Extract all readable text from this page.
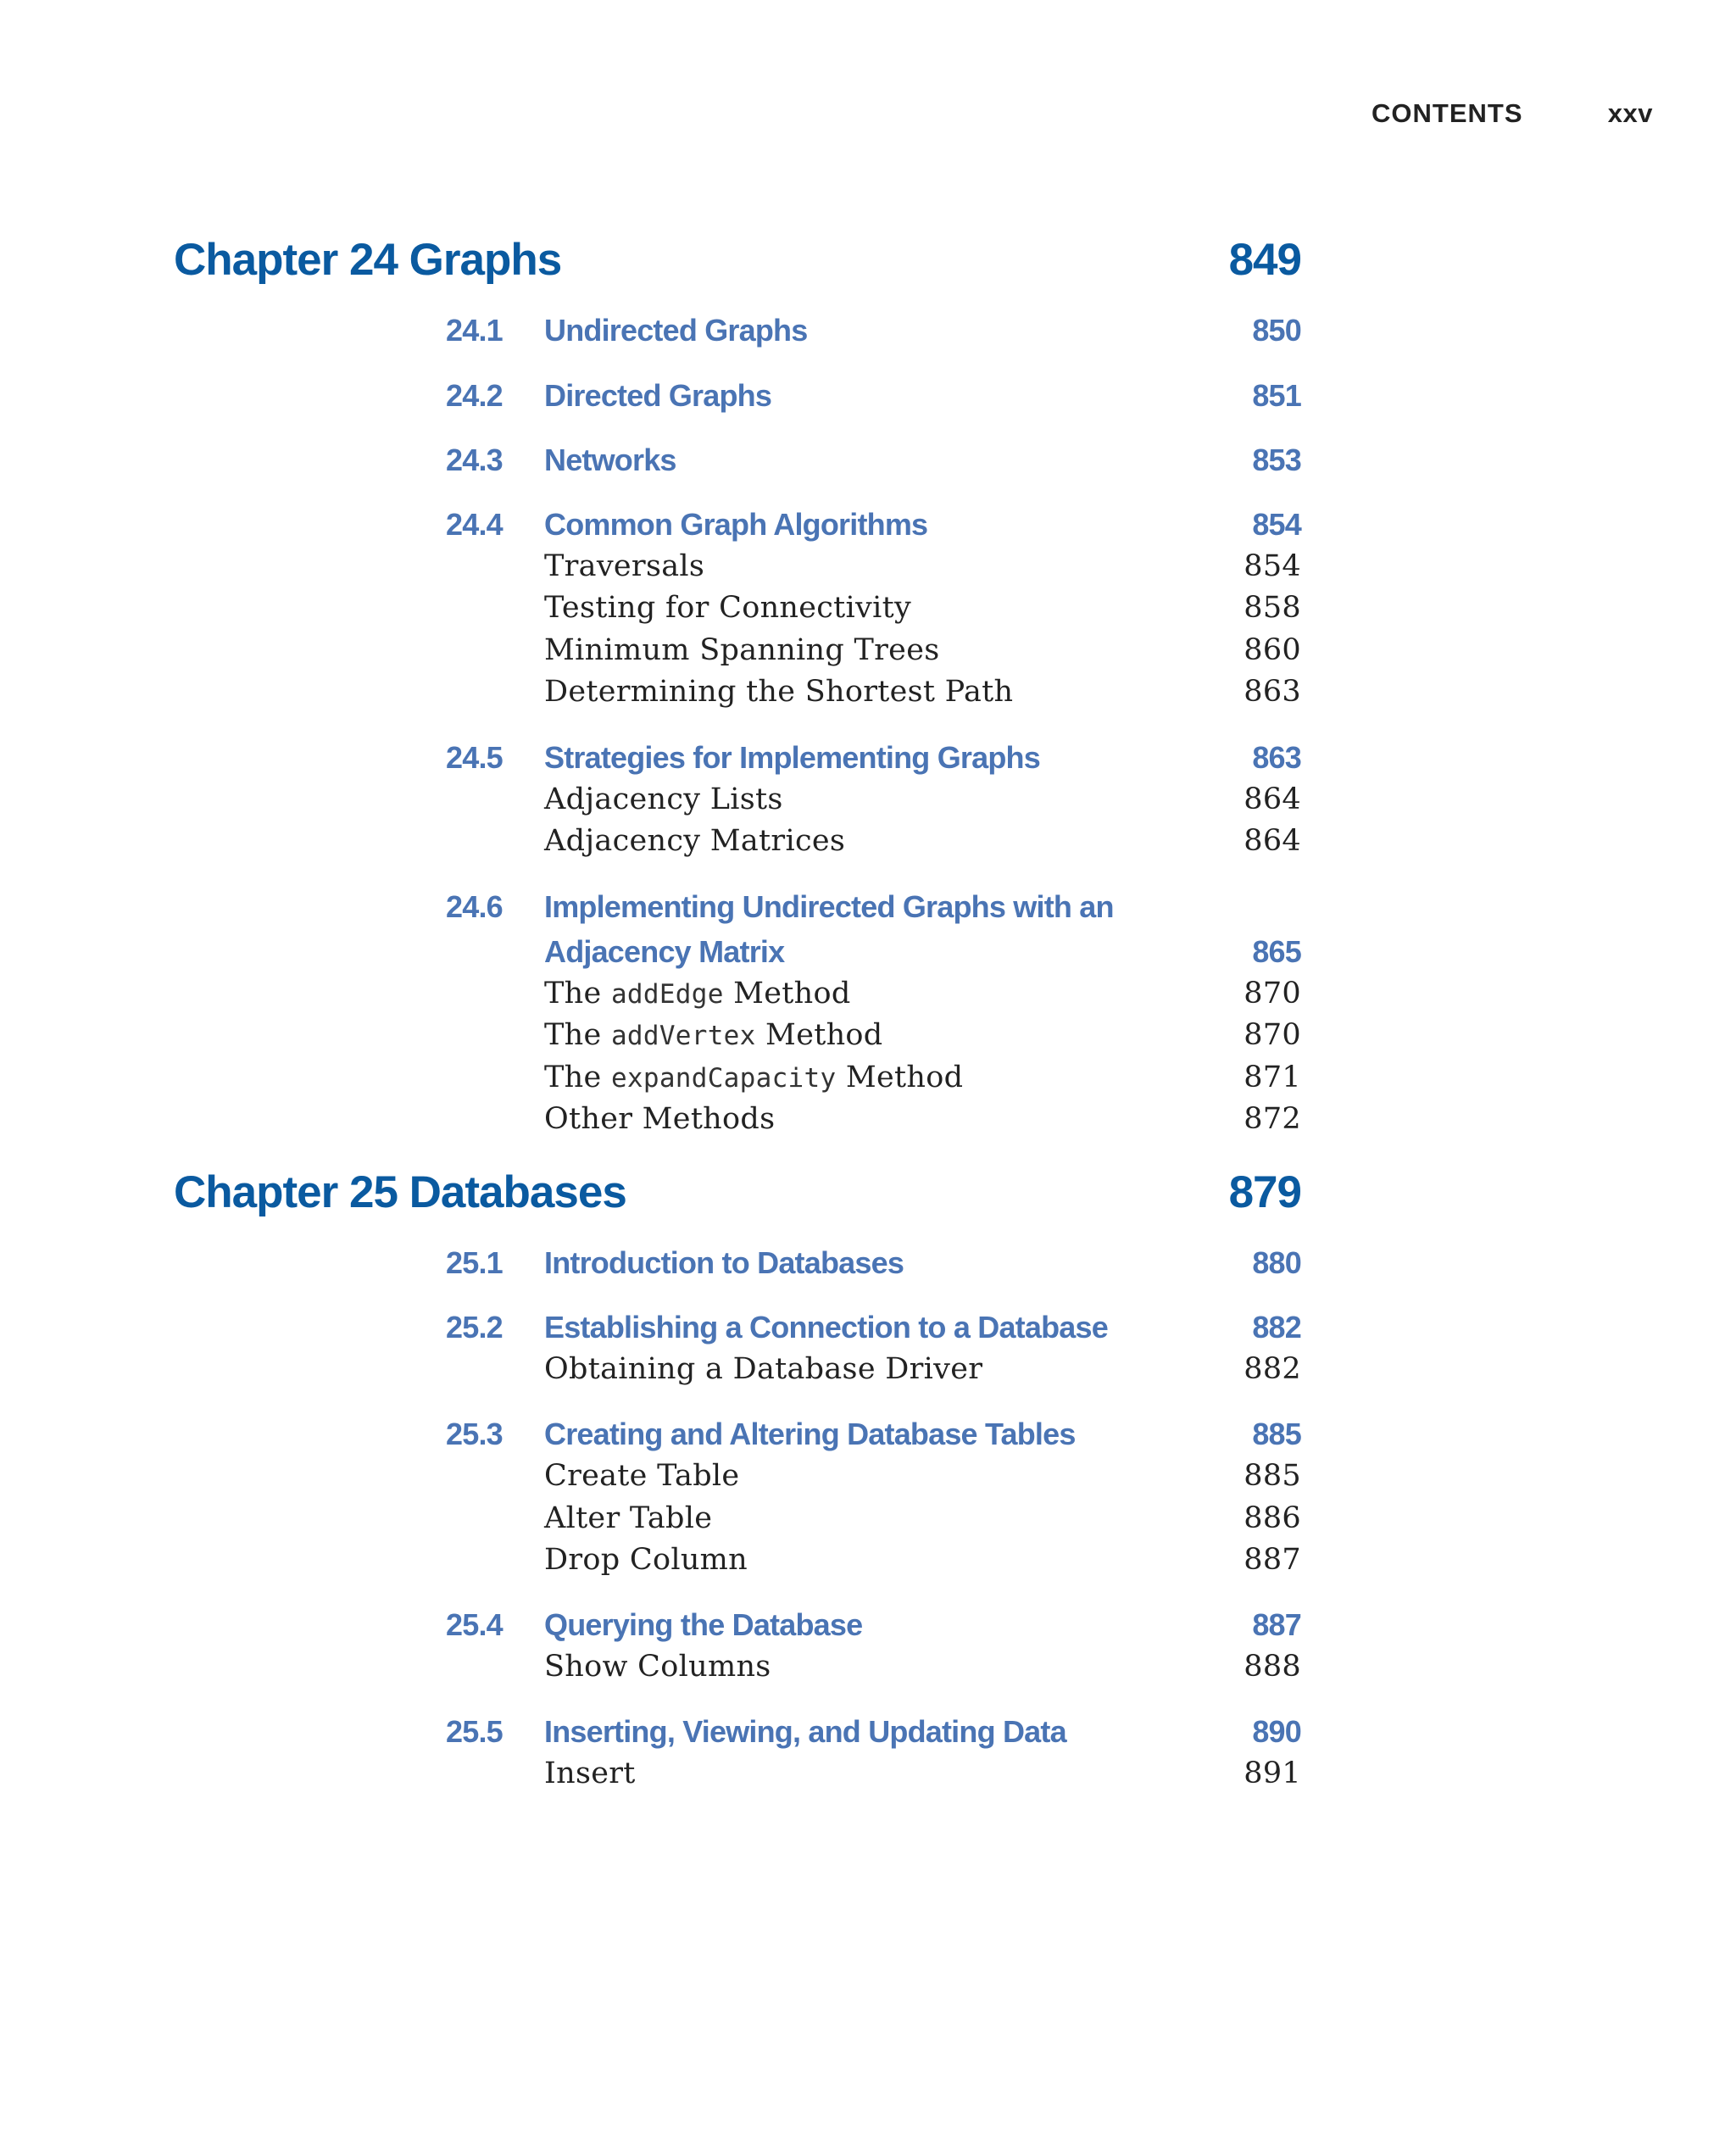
CONTENTS	xxv
Chapter 24 Graphs	849
24.1 Undirected Graphs	850
24.2 Directed Graphs	851
24.3 Networks	853
24.4 Common Graph Algorithms	854
Traversals	854
Testing for Connectivity	858
Minimum Spanning Trees	860
Determining the Shortest Path	863
24.5 Strategies for Implementing Graphs	863
Adjacency Lists	864
Adjacency Matrices	864
24.6 Implementing Undirected Graphs with an
Adjacency Matrix	865
The addEdge Method	870
The addVertex Method	870
The expandCapacity Method	871
Other Methods	872
Chapter 25 Databases	879
25.1 Introduction to Databases	880
25.2 Establishing a Connection to a Database	882
Obtaining a Database Driver	882
25.3 Creating and Altering Database Tables	885
Create Table	885
Alter Table	886
Drop Column	887
25.4 Querying the Database	887
Show Columns	888
25.5 Inserting, Viewing, and Updating Data	890
Insert	891
